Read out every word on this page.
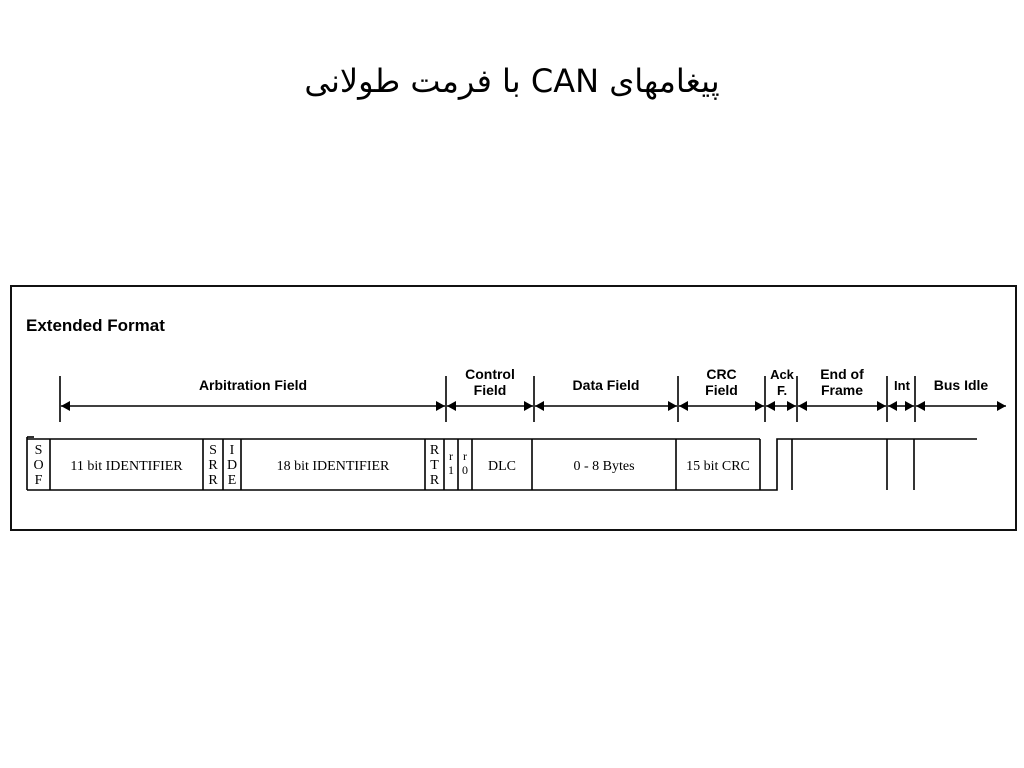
پیغامهای CAN با فرمت طولانی
Extended Format
Arbitration Field
Control
Field	Data Field
CRC
Field
Ack
F.
End of
Frame Int Bus Idle
S
O
F
11 bit IDENTIFIER
S
R
R
I
D
E
18 bit IDENTIFIER
R
T
R
r
1
r
0 DLC	0 - 8 Bytes	15 bit CRC
